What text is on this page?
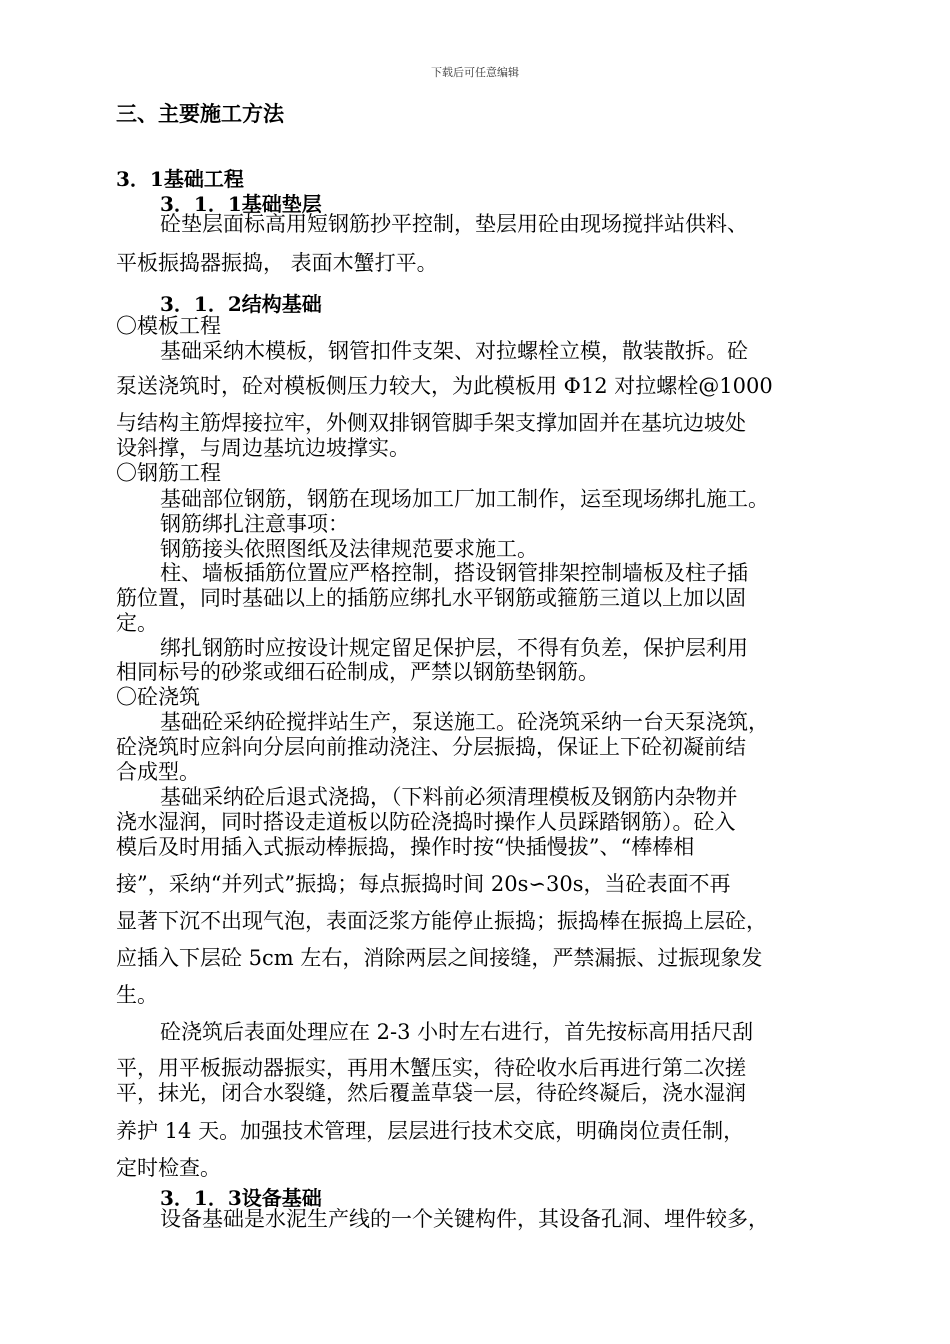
下载后可任意编辑
三、主要施工方法
3．1基础工程
3．1．1基础垫层
砼垫层面标高用短钢筋抄平控制，垫层用砼由现场搅拌站供料、
平板振捣器振捣， 表面木蟹打平。
3．1．2结构基础
〇模板工程
基础采纳木模板，钢管扣件支架、对拉螺栓立模，散装散拆。砼
泵送浇筑时，砼对模板侧压力较大，为此模板用 Φ12 对拉螺栓@1000
与结构主筋焊接拉牢，外侧双排钢管脚手架支撑加固并在基坑边坡处
设斜撑，与周边基坑边坡撑实。
〇钢筋工程
基础部位钢筋，钢筋在现场加工厂加工制作，运至现场绑扎施工。
钢筋绑扎注意事项：
钢筋接头依照图纸及法律规范要求施工。
柱、墙板插筋位置应严格控制，搭设钢管排架控制墙板及柱子插
筋位置，同时基础以上的插筋应绑扎水平钢筋或箍筋三道以上加以固
定。
绑扎钢筋时应按设计规定留足保护层，不得有负差，保护层利用
相同标号的砂浆或细石砼制成，严禁以钢筋垫钢筋。
〇砼浇筑
基础砼采纳砼搅拌站生产，泵送施工。砼浇筑采纳一台天泵浇筑，
砼浇筑时应斜向分层向前推动浇注、分层振捣，保证上下砼初凝前结
合成型。
基础采纳砼后退式浇捣，（下料前必须清理模板及钢筋内杂物并
浇水湿润，同时搭设走道板以防砼浇捣时操作人员踩踏钢筋）。砼入
模后及时用插入式振动棒振捣，操作时按“快插慢拔”、“棒棒相
接”，采纳“并列式”振捣；每点振捣时间 20s∽30s，当砼表面不再
显著下沉不出现气泡，表面泛浆方能停止振捣；振捣棒在振捣上层砼，
应插入下层砼 5cm 左右，消除两层之间接缝，严禁漏振、过振现象发
生。
砼浇筑后表面处理应在 2-3 小时左右进行，首先按标高用括尺刮
平，用平板振动器振实，再用木蟹压实，待砼收水后再进行第二次搓
平，抹光，闭合水裂缝，然后覆盖草袋一层，待砼终凝后，浇水湿润
养护 14 天。加强技术管理，层层进行技术交底，明确岗位责任制，
定时检查。
3．1．3设备基础
设备基础是水泥生产线的一个关键构件，其设备孔洞、埋件较多，
